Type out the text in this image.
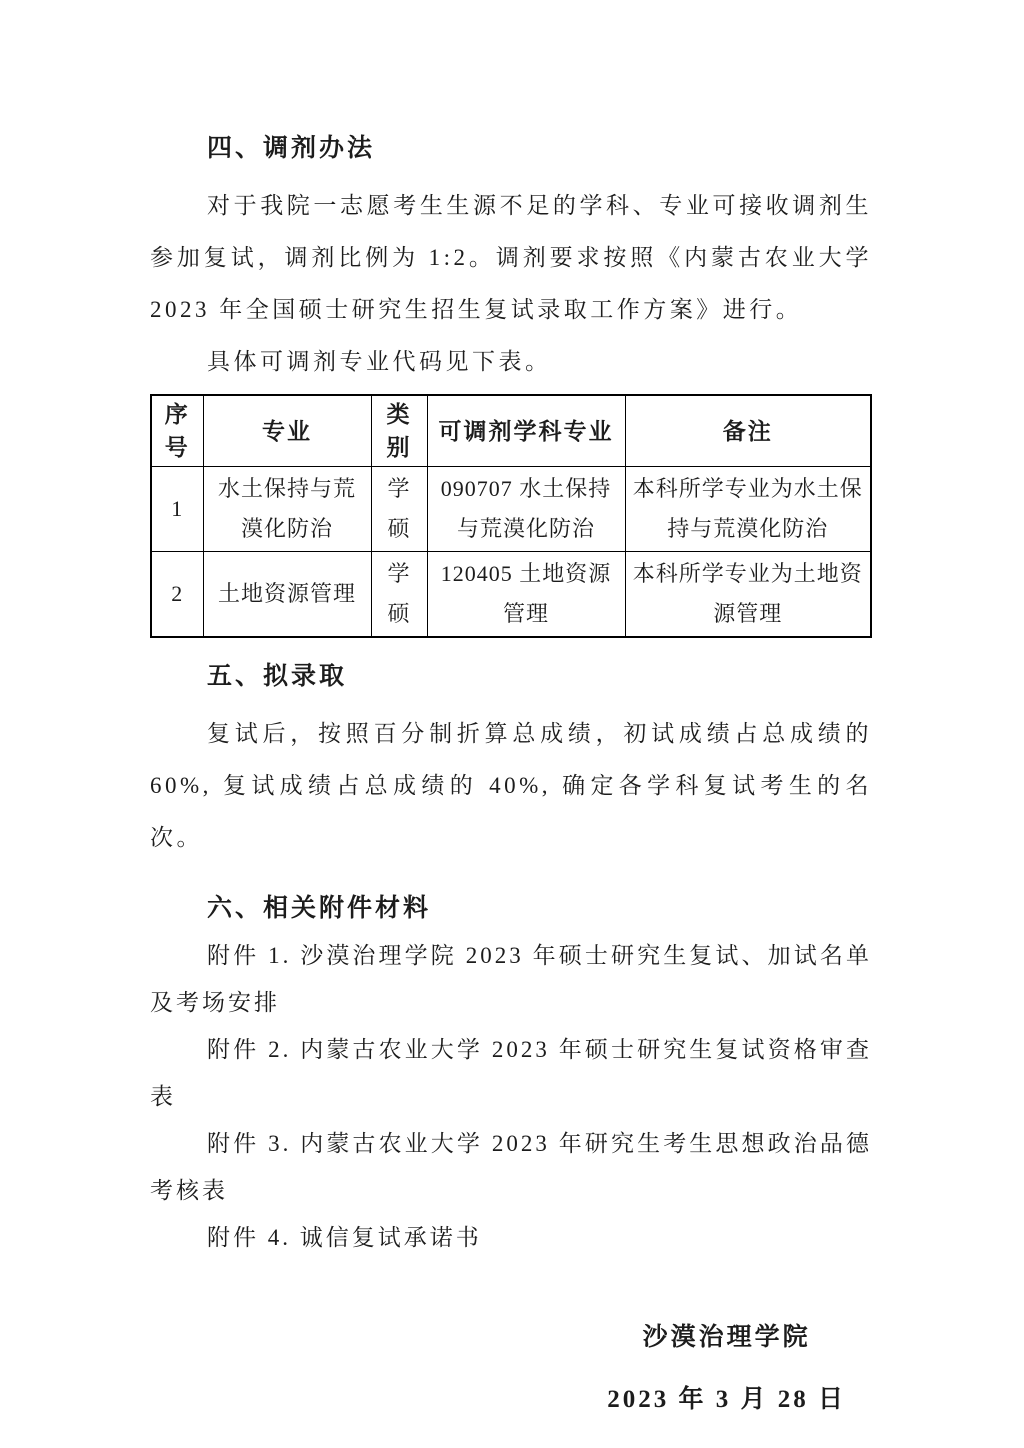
四、调剂办法

对于我院一志愿考生生源不足的学科、专业可接收调剂生参加复试，调剂比例为 1:2。调剂要求按照《内蒙古农业大学 2023 年全国硕士研究生招生复试录取工作方案》进行。

具体可调剂专业代码见下表。

序号	专业	类别	可调剂学科专业	备注
1	水土保持与荒漠化防治	学硕	090707 水土保持与荒漠化防治	本科所学专业为水土保持与荒漠化防治
2	土地资源管理	学硕	120405 土地资源管理	本科所学专业为土地资源管理
五、拟录取

复试后，按照百分制折算总成绩，初试成绩占总成绩的 60%, 复试成绩占总成绩的 40%, 确定各学科复试考生的名次。

六、相关附件材料

附件 1. 沙漠治理学院 2023 年硕士研究生复试、加试名单及考场安排

附件 2. 内蒙古农业大学 2023 年硕士研究生复试资格审查表

附件 3. 内蒙古农业大学 2023 年研究生考生思想政治品德考核表

附件 4. 诚信复试承诺书

沙漠治理学院
2023 年 3 月 28 日
